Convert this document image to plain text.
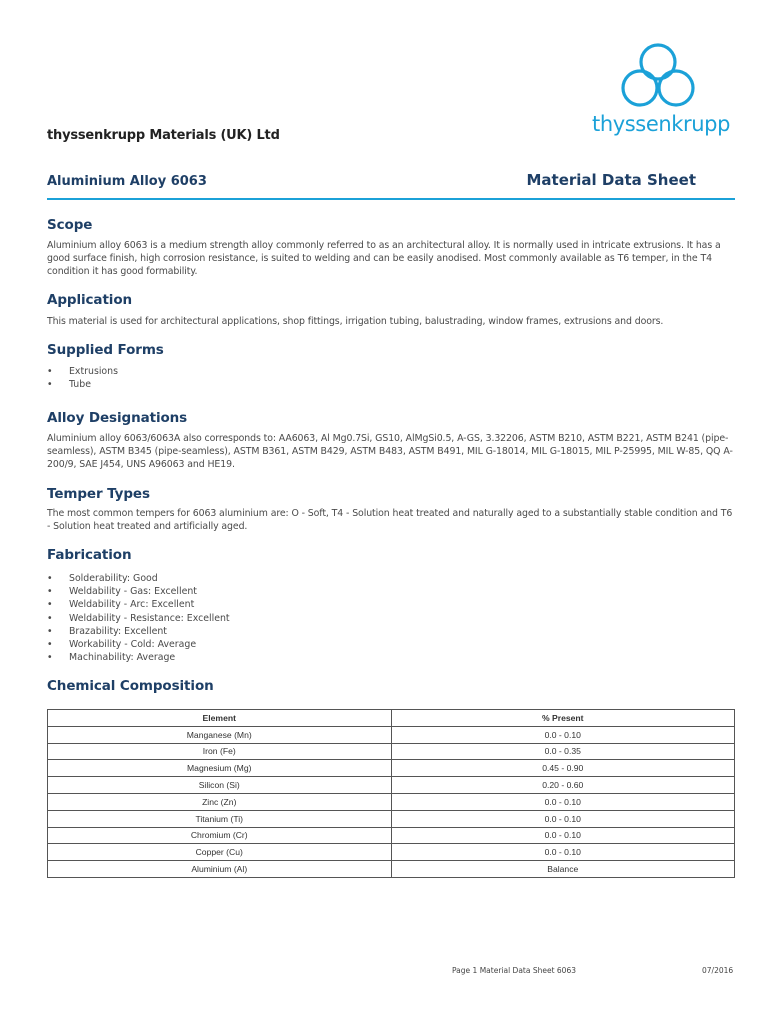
thyssenkrupp
thyssenkrupp Materials (UK) Ltd
Aluminium Alloy 6063	Material Data Sheet
Scope

Aluminium alloy 6063 is a medium strength alloy commonly referred to as an architectural alloy. It is normally used in intricate extrusions. It has a good surface finish, high corrosion resistance, is suited to welding and can be easily anodised. Most commonly available as T6 temper, in the T4 condition it has good formability.

Application

This material is used for architectural applications, shop fittings, irrigation tubing, balustrading, window frames, extrusions and doors.

Supplied Forms
• Extrusions
• Tube
Alloy Designations

Aluminium alloy 6063/6063A also corresponds to: AA6063, Al Mg0.7Si, GS10, AlMgSi0.5, A-GS, 3.32206, ASTM B210, ASTM B221, ASTM B241 (pipe-seamless), ASTM B345 (pipe-seamless), ASTM B361, ASTM B429, ASTM B483, ASTM B491, MIL G-18014, MIL G-18015, MIL P-25995, MIL W-85, QQ A-200/9, SAE J454, UNS A96063 and HE19.

Temper Types

The most common tempers for 6063 aluminium are: O - Soft, T4 - Solution heat treated and naturally aged to a substantially stable condition and T6 - Solution heat treated and artificially aged.

Fabrication
• Solderability: Good
• Weldability - Gas: Excellent
• Weldability - Arc: Excellent
• Weldability - Resistance: Excellent
• Brazability: Excellent
• Workability - Cold: Average
• Machinability: Average
Chemical Composition
Element	% Present
Manganese (Mn)	0.0 - 0.10
Iron (Fe)	0.0 - 0.35
Magnesium (Mg)	0.45 - 0.90
Silicon (Si)	0.20 - 0.60
Zinc (Zn)	0.0 - 0.10
Titanium (Ti)	0.0 - 0.10
Chromium (Cr)	0.0 - 0.10
Copper (Cu)	0.0 - 0.10
Aluminium (Al)	Balance
Page 1 Material Data Sheet 6063	07/2016
